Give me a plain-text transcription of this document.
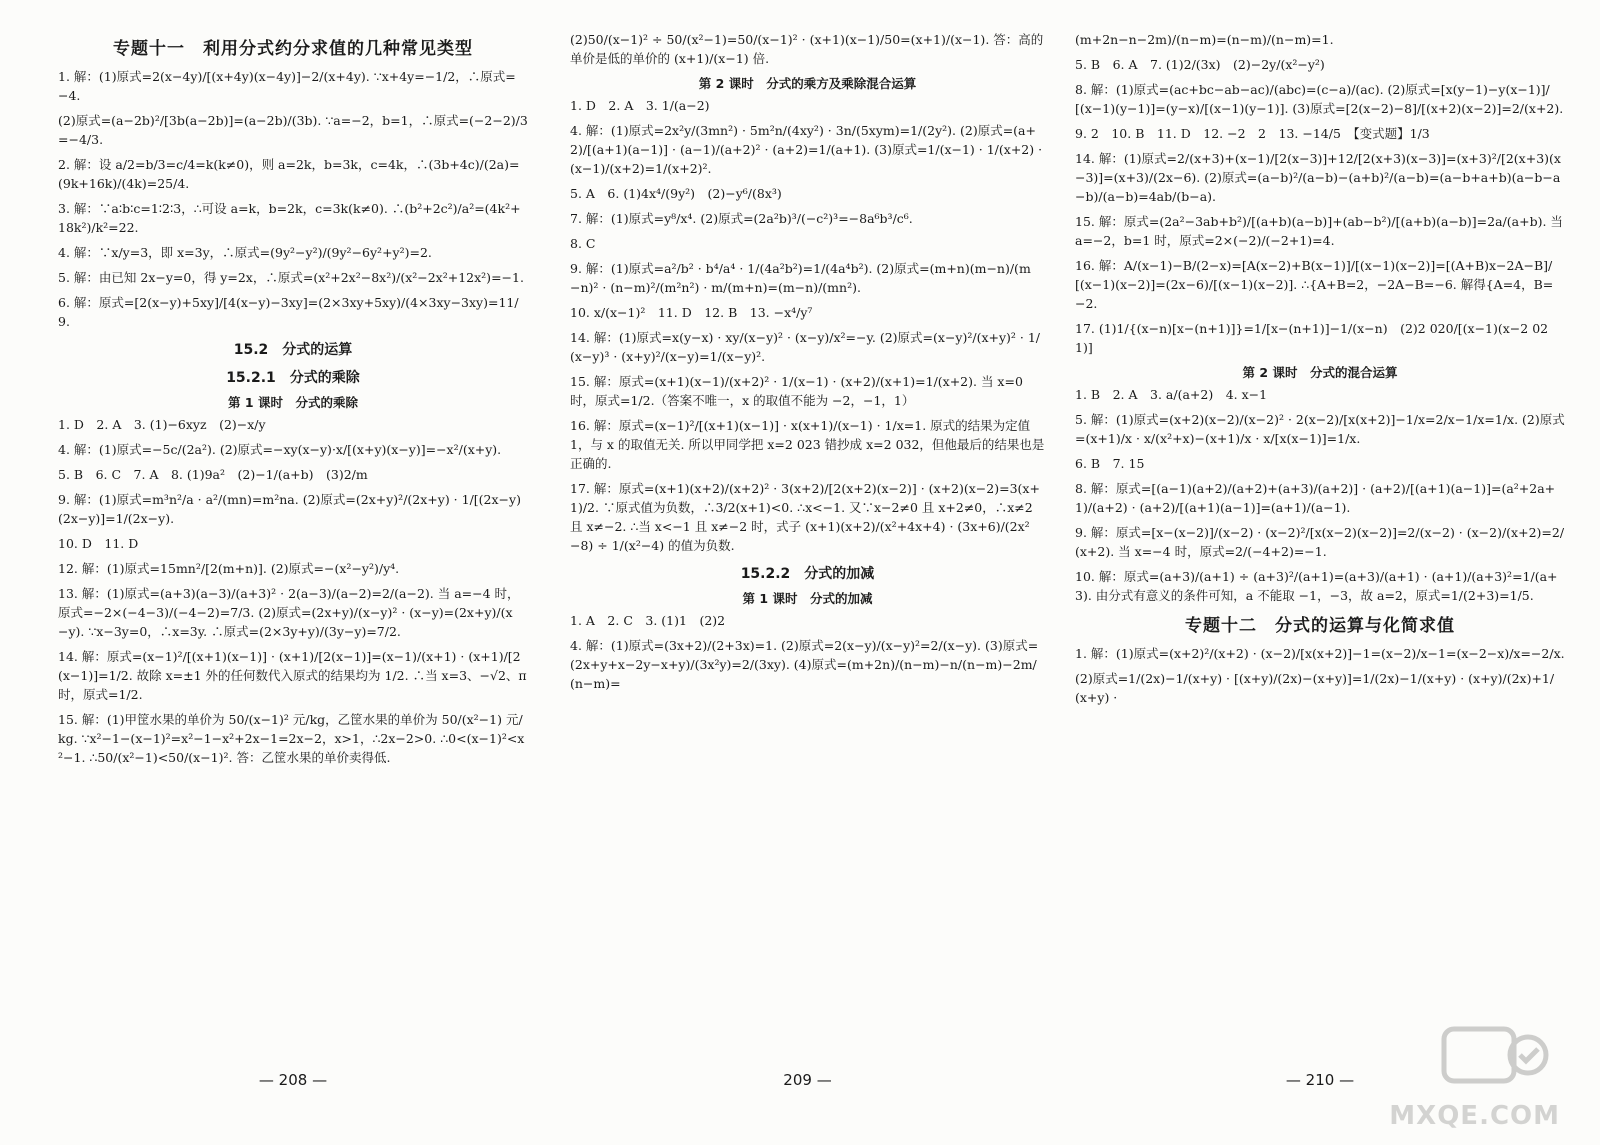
专题十一　利用分式约分求值的几种常见类型

1. 解：(1)原式=2(x−4y)/[(x+4y)(x−4y)]−2/(x+4y). ∵x+4y=−1/2，∴原式=−4.

(2)原式=(a−2b)²/[3b(a−2b)]=(a−2b)/(3b). ∵a=−2，b=1，∴原式=(−2−2)/3=−4/3.

2. 解：设 a/2=b/3=c/4=k(k≠0)，则 a=2k，b=3k，c=4k，∴(3b+4c)/(2a)=(9k+16k)/(4k)=25/4.

3. 解：∵a∶b∶c=1∶2∶3，∴可设 a=k，b=2k，c=3k(k≠0). ∴(b²+2c²)/a²=(4k²+18k²)/k²=22.

4. 解：∵x/y=3，即 x=3y，∴原式=(9y²−y²)/(9y²−6y²+y²)=2.

5. 解：由已知 2x−y=0，得 y=2x，∴原式=(x²+2x²−8x²)/(x²−2x²+12x²)=−1.

6. 解：原式=[2(x−y)+5xy]/[4(x−y)−3xy]=(2×3xy+5xy)/(4×3xy−3xy)=11/9.

15.2　分式的运算
15.2.1　分式的乘除
第 1 课时　分式的乘除

1. D　2. A　3. (1)−6xyz　(2)−x/y

4. 解：(1)原式=−5c/(2a²). (2)原式=−xy(x−y)·x/[(x+y)(x−y)]=−x²/(x+y).

5. B　6. C　7. A　8. (1)9a²　(2)−1/(a+b)　(3)2/m

9. 解：(1)原式=m³n²/a · a²/(mn)=m²na. (2)原式=(2x+y)²/(2x+y) · 1/[(2x−y)(2x−y)]=1/(2x−y).

10. D　11. D

12. 解：(1)原式=15mn²/[2(m+n)]. (2)原式=−(x²−y²)/y⁴.

13. 解：(1)原式=(a+3)(a−3)/(a+3)² · 2(a−3)/(a−2)=2/(a−2). 当 a=−4 时，原式=−2×(−4−3)/(−4−2)=7/3. (2)原式=(2x+y)/(x−y)² · (x−y)=(2x+y)/(x−y). ∵x−3y=0，∴x=3y. ∴原式=(2×3y+y)/(3y−y)=7/2.

14. 解：原式=(x−1)²/[(x+1)(x−1)] · (x+1)/[2(x−1)]=(x−1)/(x+1) · (x+1)/[2(x−1)]=1/2. 故除 x=±1 外的任何数代入原式的结果均为 1/2. ∴当 x=3、−√2、π 时，原式=1/2.

15. 解：(1)甲筐水果的单价为 50/(x−1)² 元/kg，乙筐水果的单价为 50/(x²−1) 元/kg. ∵x²−1−(x−1)²=x²−1−x²+2x−1=2x−2，x>1，∴2x−2>0. ∴0<(x−1)²<x²−1. ∴50/(x²−1)<50/(x−1)². 答：乙筐水果的单价卖得低.

— 208 —

(2)50/(x−1)² ÷ 50/(x²−1)=50/(x−1)² · (x+1)(x−1)/50=(x+1)/(x−1). 答：高的单价是低的单价的 (x+1)/(x−1) 倍.

第 2 课时　分式的乘方及乘除混合运算

1. D　2. A　3. 1/(a−2)

4. 解：(1)原式=2x²y/(3mn²) · 5m²n/(4xy²) · 3n/(5xym)=1/(2y²). (2)原式=(a+2)/[(a+1)(a−1)] · (a−1)/(a+2)² · (a+2)=1/(a+1). (3)原式=1/(x−1) · 1/(x+2) · (x−1)/(x+2)=1/(x+2)².

5. A　6. (1)4x⁴/(9y²)　(2)−y⁶/(8x³)

7. 解：(1)原式=y⁸/x⁴. (2)原式=(2a²b)³/(−c²)³=−8a⁶b³/c⁶.

8. C

9. 解：(1)原式=a²/b² · b⁴/a⁴ · 1/(4a²b²)=1/(4a⁴b²). (2)原式=(m+n)(m−n)/(m−n)² · (n−m)²/(m²n²) · m/(m+n)=(m−n)/(mn²).

10. x/(x−1)²　11. D　12. B　13. −x⁴/y⁷

14. 解：(1)原式=x(y−x) · xy/(x−y)² · (x−y)/x²=−y. (2)原式=(x−y)²/(x+y)² · 1/(x−y)³ · (x+y)²/(x−y)=1/(x−y)².

15. 解：原式=(x+1)(x−1)/(x+2)² · 1/(x−1) · (x+2)/(x+1)=1/(x+2). 当 x=0 时，原式=1/2.（答案不唯一，x 的取值不能为 −2，−1，1）

16. 解：原式=(x−1)²/[(x+1)(x−1)] · x(x+1)/(x−1) · 1/x=1. 原式的结果为定值 1，与 x 的取值无关. 所以甲同学把 x=2 023 错抄成 x=2 032，但他最后的结果也是正确的.

17. 解：原式=(x+1)(x+2)/(x+2)² · 3(x+2)/[2(x+2)(x−2)] · (x+2)(x−2)=3(x+1)/2. ∵原式值为负数，∴3/2(x+1)<0. ∴x<−1. 又∵x−2≠0 且 x+2≠0，∴x≠2 且 x≠−2. ∴当 x<−1 且 x≠−2 时，式子 (x+1)(x+2)/(x²+4x+4) · (3x+6)/(2x²−8) ÷ 1/(x²−4) 的值为负数.

15.2.2　分式的加减
第 1 课时　分式的加减

1. A　2. C　3. (1)1　(2)2

4. 解：(1)原式=(3x+2)/(2+3x)=1. (2)原式=2(x−y)/(x−y)²=2/(x−y). (3)原式=(2x+y+x−2y−x+y)/(3x²y)=2/(3xy). (4)原式=(m+2n)/(n−m)−n/(n−m)−2m/(n−m)=

209 —

(m+2n−n−2m)/(n−m)=(n−m)/(n−m)=1.

5. B　6. A　7. (1)2/(3x)　(2)−2y/(x²−y²)

8. 解：(1)原式=(ac+bc−ab−ac)/(abc)=(c−a)/(ac). (2)原式=[x(y−1)−y(x−1)]/[(x−1)(y−1)]=(y−x)/[(x−1)(y−1)]. (3)原式=[2(x−2)−8]/[(x+2)(x−2)]=2/(x+2).

9. 2　10. B　11. D　12. −2　2　13. −14/5　【变式题】1/3

14. 解：(1)原式=2/(x+3)+(x−1)/[2(x−3)]+12/[2(x+3)(x−3)]=(x+3)²/[2(x+3)(x−3)]=(x+3)/(2x−6). (2)原式=(a−b)²/(a−b)−(a+b)²/(a−b)=(a−b+a+b)(a−b−a−b)/(a−b)=4ab/(b−a).

15. 解：原式=(2a²−3ab+b²)/[(a+b)(a−b)]+(ab−b²)/[(a+b)(a−b)]=2a/(a+b). 当 a=−2，b=1 时，原式=2×(−2)/(−2+1)=4.

16. 解：A/(x−1)−B/(2−x)=[A(x−2)+B(x−1)]/[(x−1)(x−2)]=[(A+B)x−2A−B]/[(x−1)(x−2)]=(2x−6)/[(x−1)(x−2)]. ∴{A+B=2，−2A−B=−6. 解得{A=4，B=−2.

17. (1)1/{(x−n)[x−(n+1)]}=1/[x−(n+1)]−1/(x−n)　(2)2 020/[(x−1)(x−2 021)]

第 2 课时　分式的混合运算

1. B　2. A　3. a/(a+2)　4. x−1

5. 解：(1)原式=(x+2)(x−2)/(x−2)² · 2(x−2)/[x(x+2)]−1/x=2/x−1/x=1/x. (2)原式=(x+1)/x · x/(x²+x)−(x+1)/x · x/[x(x−1)]=1/x.

6. B　7. 15

8. 解：原式=[(a−1)(a+2)/(a+2)+(a+3)/(a+2)] · (a+2)/[(a+1)(a−1)]=(a²+2a+1)/(a+2) · (a+2)/[(a+1)(a−1)]=(a+1)/(a−1).

9. 解：原式=[x−(x−2)]/(x−2) · (x−2)²/[x(x−2)(x−2)]=2/(x−2) · (x−2)/(x+2)=2/(x+2). 当 x=−4 时，原式=2/(−4+2)=−1.

10. 解：原式=(a+3)/(a+1) ÷ (a+3)²/(a+1)=(a+3)/(a+1) · (a+1)/(a+3)²=1/(a+3). 由分式有意义的条件可知，a 不能取 −1，−3，故 a=2，原式=1/(2+3)=1/5.

专题十二　分式的运算与化简求值

1. 解：(1)原式=(x+2)²/(x+2) · (x−2)/[x(x+2)]−1=(x−2)/x−1=(x−2−x)/x=−2/x.

(2)原式=1/(2x)−1/(x+y) · [(x+y)/(2x)−(x+y)]=1/(2x)−1/(x+y) · (x+y)/(2x)+1/(x+y) ·

— 210 —
MXQE.COM
